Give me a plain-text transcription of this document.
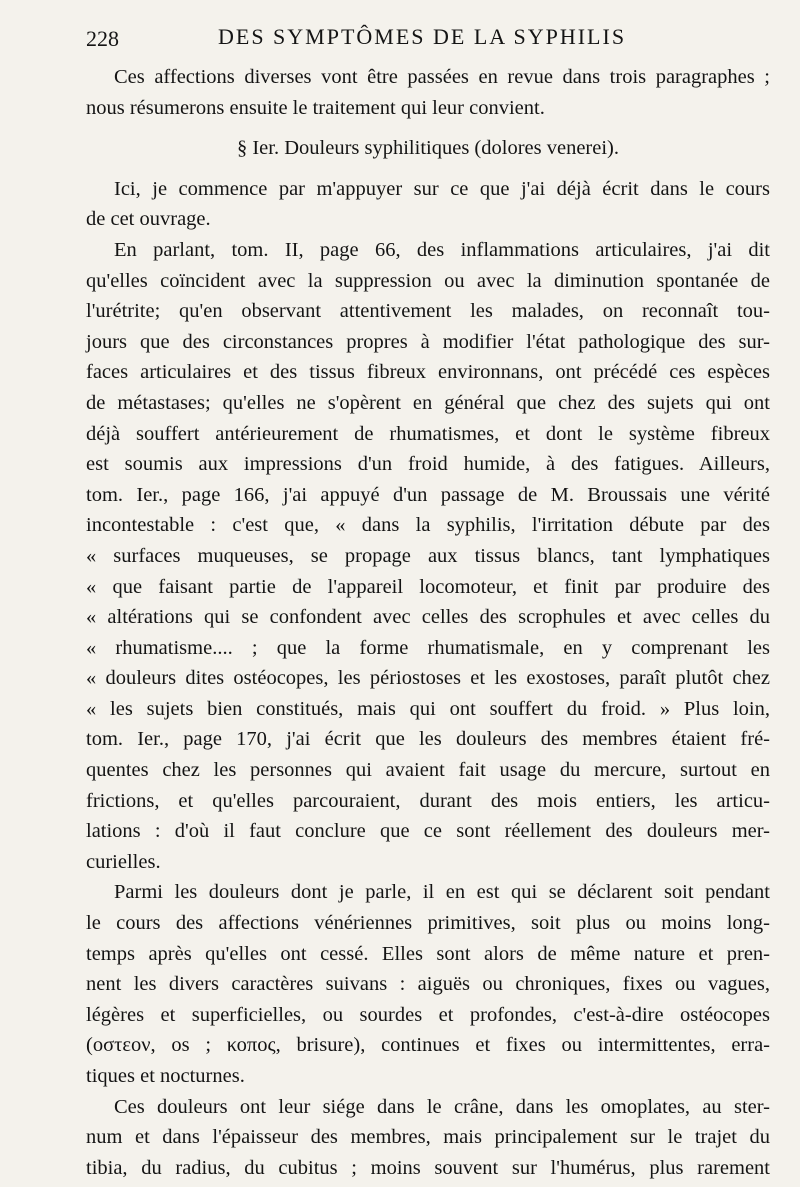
228	DES SYMPTÔMES DE LA SYPHILIS
Ces affections diverses vont être passées en revue dans trois paragraphes ;
nous résumerons ensuite le traitement qui leur convient.
§ Ier. Douleurs syphilitiques (dolores venerei).
Ici, je commence par m'appuyer sur ce que j'ai déjà écrit dans le cours
de cet ouvrage.
En parlant, tom. II, page 66, des inflammations articulaires, j'ai dit
qu'elles coïncident avec la suppression ou avec la diminution spontanée de
l'urétrite; qu'en observant attentivement les malades, on reconnaît tou-
jours que des circonstances propres à modifier l'état pathologique des sur-
faces articulaires et des tissus fibreux environnans, ont précédé ces espèces
de métastases; qu'elles ne s'opèrent en général que chez des sujets qui ont
déjà souffert antérieurement de rhumatismes, et dont le système fibreux
est soumis aux impressions d'un froid humide, à des fatigues. Ailleurs,
tom. Ier., page 166, j'ai appuyé d'un passage de M. Broussais une vérité
incontestable : c'est que, « dans la syphilis, l'irritation débute par des
« surfaces muqueuses, se propage aux tissus blancs, tant lymphatiques
« que faisant partie de l'appareil locomoteur, et finit par produire des
« altérations qui se confondent avec celles des scrophules et avec celles du
« rhumatisme.... ; que la forme rhumatismale, en y comprenant les
« douleurs dites ostéocopes, les périostoses et les exostoses, paraît plutôt chez
« les sujets bien constitués, mais qui ont souffert du froid. » Plus loin,
tom. Ier., page 170, j'ai écrit que les douleurs des membres étaient fré-
quentes chez les personnes qui avaient fait usage du mercure, surtout en
frictions, et qu'elles parcouraient, durant des mois entiers, les articu-
lations : d'où il faut conclure que ce sont réellement des douleurs mer-
curielles.
Parmi les douleurs dont je parle, il en est qui se déclarent soit pendant
le cours des affections vénériennes primitives, soit plus ou moins long-
temps après qu'elles ont cessé. Elles sont alors de même nature et pren-
nent les divers caractères suivans : aiguës ou chroniques, fixes ou vagues,
légères et superficielles, ou sourdes et profondes, c'est-à-dire ostéocopes
(οστεον, os ; κοπος, brisure), continues et fixes ou intermittentes, erra-
tiques et nocturnes.
Ces douleurs ont leur siége dans le crâne, dans les omoplates, au ster-
num et dans l'épaisseur des membres, mais principalement sur le trajet du
tibia, du radius, du cubitus ; moins souvent sur l'humérus, plus rarement
